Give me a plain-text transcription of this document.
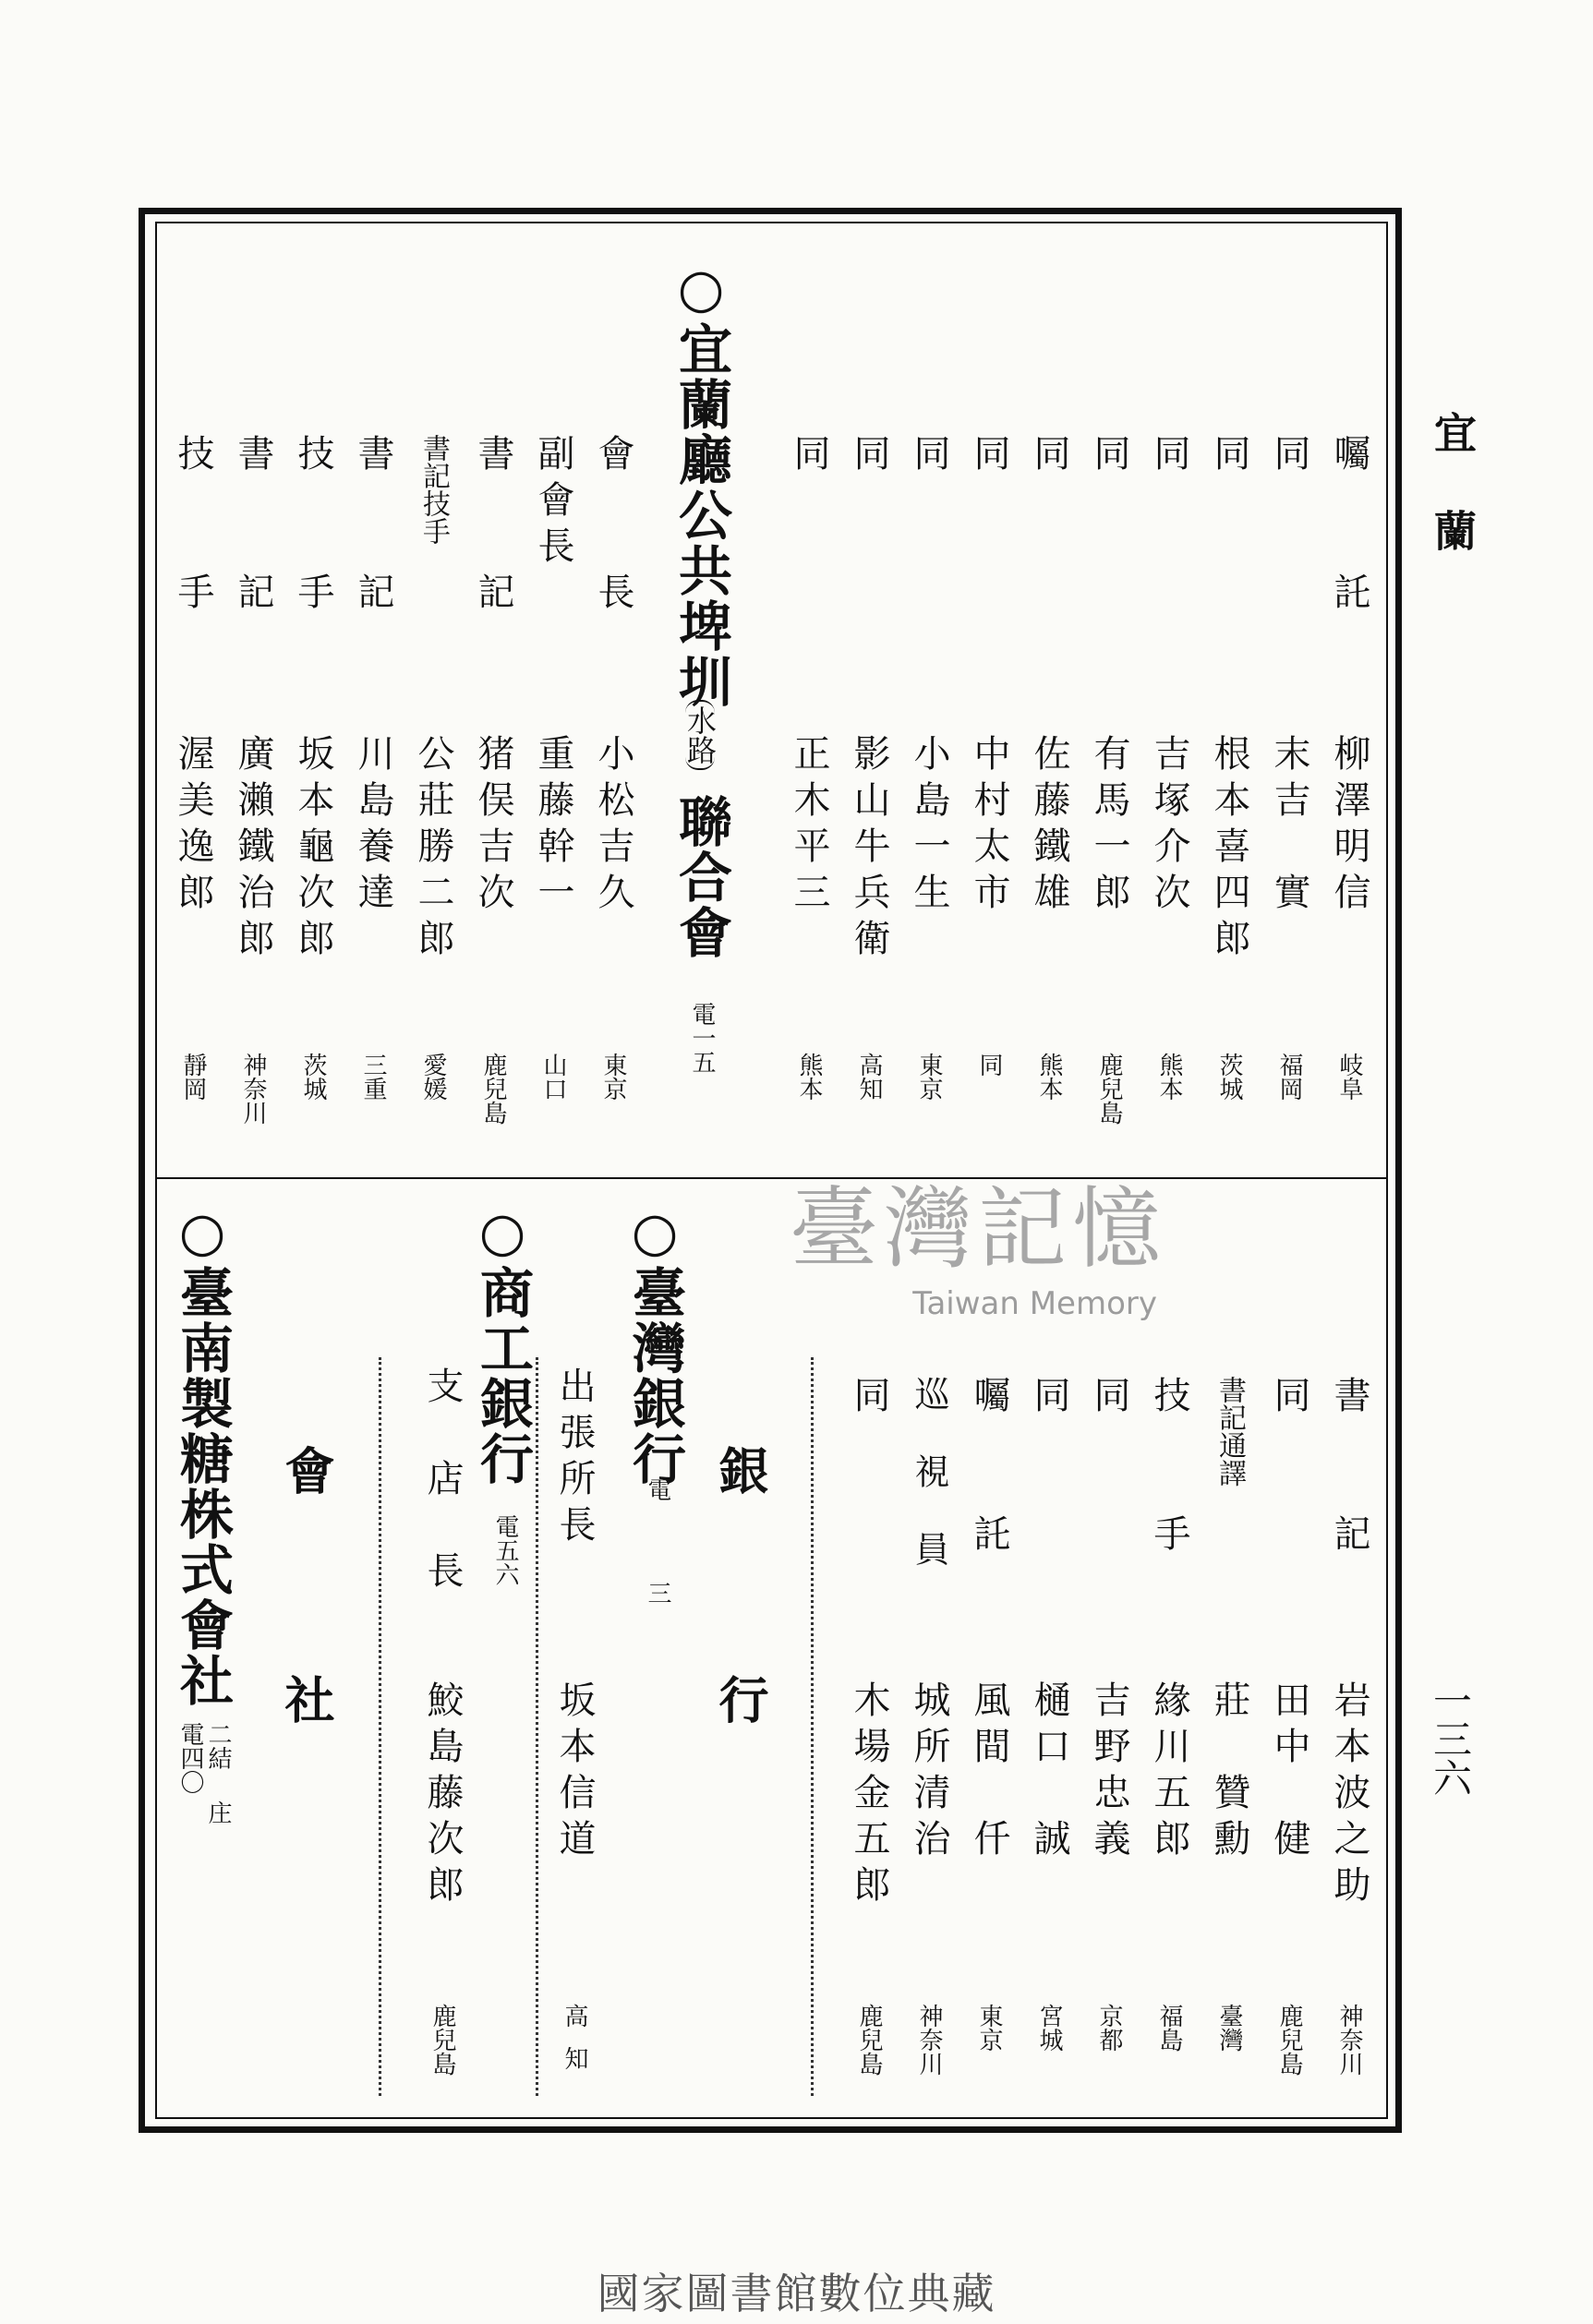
宜蘭
一三六
囑　　託
柳澤明信
岐阜
同
末吉　實
福岡
同
根本喜四郎
茨城
同
吉塚介次
熊本
同
有馬一郎
鹿兒島
同
佐藤鐵雄
熊本
同
中村太市
同
同
小島一生
東京
同
影山牛兵衛
高知
同
正木平三
熊本
○宜蘭廳公共埤圳
水路
聯合會
電一五
會　　長
小松吉久
東京
副會長
重藤幹一
山口
書　　記
猪俣吉次
鹿兒島
書記技手
公莊勝二郎
愛媛
書　　記
川島養達
三重
技　　手
坂本龜次郎
茨城
書　　記
廣瀨鐵治郎
神奈川
技　　手
渥美逸郎
靜岡
書　　記
岩本波之助
神奈川
同
田中　健
鹿兒島
書記通譯
莊　贊勳
臺灣
技　　手
緣川五郎
福島
同
吉野忠義
京都
同
樋口　誠
宮城
囑　　託
風間　仟
東京
巡　視　員
城所清治
神奈川
同
木場金五郎
鹿兒島
銀　行
○臺灣銀行
電　三
出張所長
坂本信道
高知
○商工銀行
電五六
支　店　長
鮫島藤次郎
鹿兒島
會　社
○臺南製糖株式會社
二結
庄
電四〇
臺灣記憶
Taiwan Memory
國家圖書館數位典藏
